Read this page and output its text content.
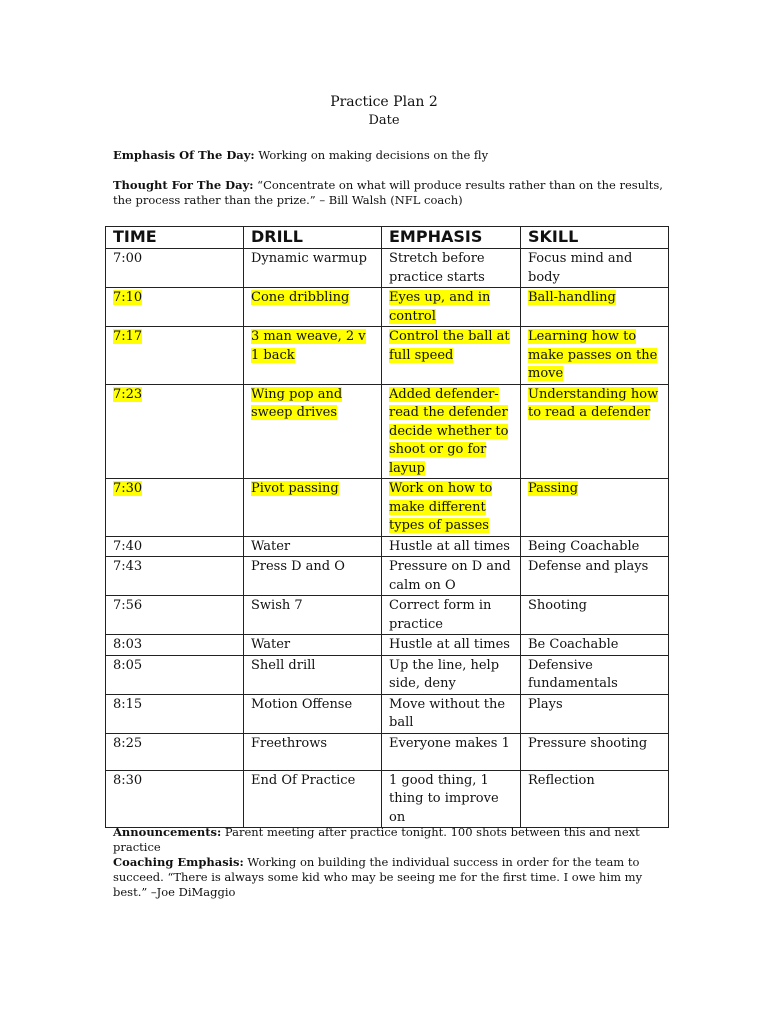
Practice Plan 2
Date
Emphasis Of The Day: Working on making decisions on the fly
Thought For The Day: “Concentrate on what will produce results rather than on the results, the process rather than the prize.” – Bill Walsh (NFL coach)
TIME	DRILL	EMPHASIS	SKILL
7:00	Dynamic warmup	Stretch before practice starts	Focus mind and body
7:10	Cone dribbling	Eyes up, and in control	Ball-handling
7:17	3 man weave, 2 v 1 back	Control the ball at full speed	Learning how to make passes on the move
7:23	Wing pop and sweep drives	Added defender- read the defender decide whether to shoot or go for layup	Understanding how to read a defender
7:30	Pivot passing	Work on how to make different types of passes	Passing
7:40	Water	Hustle at all times	Being Coachable
7:43	Press D and O	Pressure on D and calm on O	Defense and plays
7:56	Swish 7	Correct form in practice	Shooting
8:03	Water	Hustle at all times	Be Coachable
8:05	Shell drill	Up the line, help side, deny	Defensive fundamentals
8:15	Motion Offense	Move without the ball	Plays
8:25	Freethrows	Everyone makes 1	Pressure shooting
8:30	End Of Practice	1 good thing, 1 thing to improve on	Reflection
Announcements: Parent meeting after practice tonight. 100 shots between this and next practice
Coaching Emphasis: Working on building the individual success in order for the team to succeed. “There is always some kid who may be seeing me for the first time. I owe him my best.” –Joe DiMaggio
